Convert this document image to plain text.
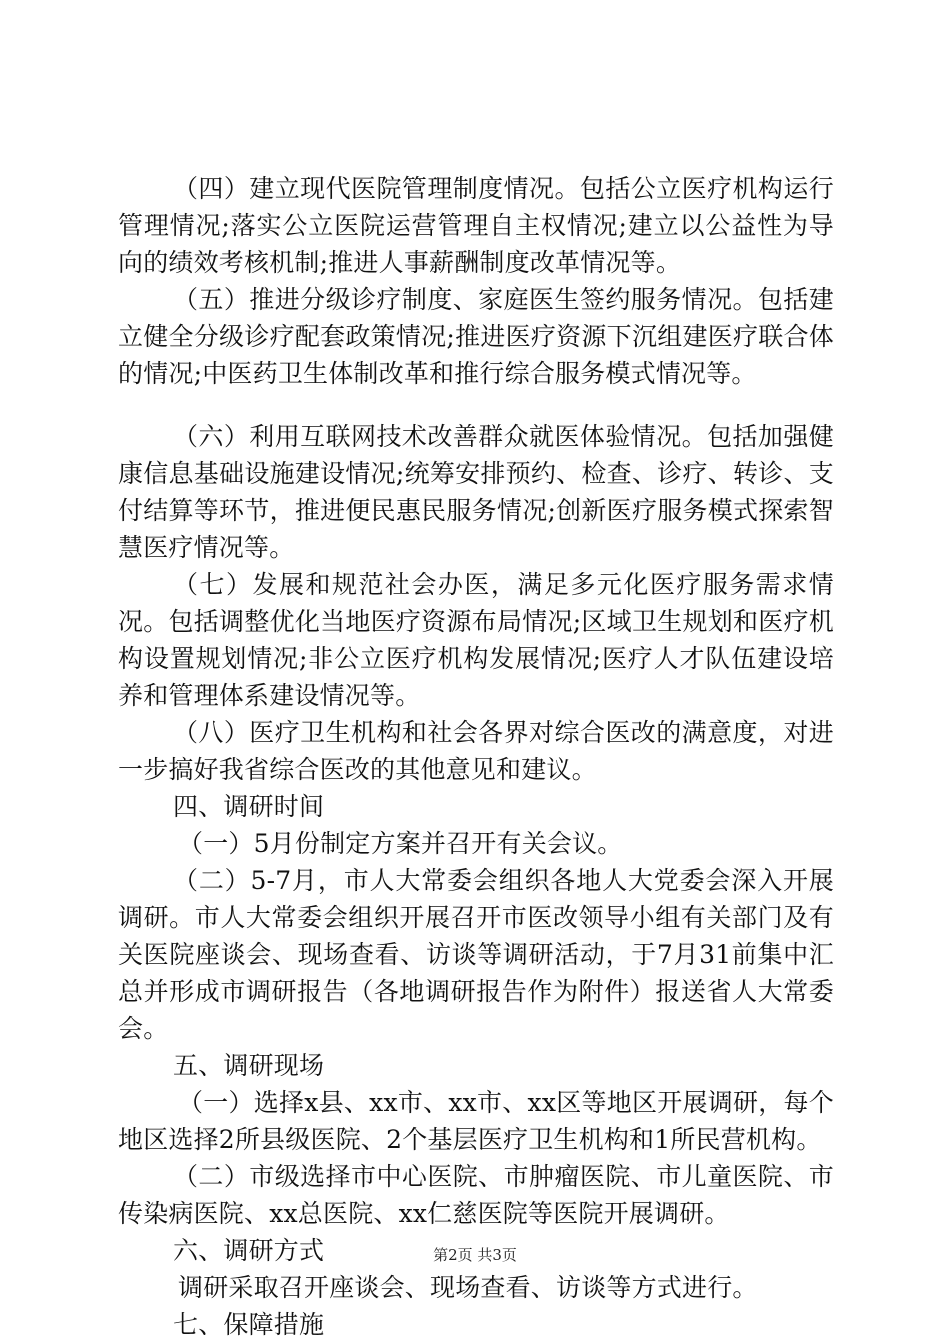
（四）建立现代医院管理制度情况。包括公立医疗机构运行管理情况;落实公立医院运营管理自主权情况;建立以公益性为导向的绩效考核机制;推进人事薪酬制度改革情况等。

（五）推进分级诊疗制度、家庭医生签约服务情况。包括建立健全分级诊疗配套政策情况;推进医疗资源下沉组建医疗联合体的情况;中医药卫生体制改革和推行综合服务模式情况等。

（六）利用互联网技术改善群众就医体验情况。包括加强健康信息基础设施建设情况;统筹安排预约、检查、诊疗、转诊、支付结算等环节，推进便民惠民服务情况;创新医疗服务模式探索智慧医疗情况等。

（七）发展和规范社会办医，满足多元化医疗服务需求情况。包括调整优化当地医疗资源布局情况;区域卫生规划和医疗机构设置规划情况;非公立医疗机构发展情况;医疗人才队伍建设培养和管理体系建设情况等。

（八）医疗卫生机构和社会各界对综合医改的满意度，对进一步搞好我省综合医改的其他意见和建议。

四、调研时间

（一）5月份制定方案并召开有关会议。

（二）5-7月，市人大常委会组织各地人大党委会深入开展调研。市人大常委会组织开展召开市医改领导小组有关部门及有关医院座谈会、现场查看、访谈等调研活动，于7月31前集中汇总并形成市调研报告（各地调研报告作为附件）报送省人大常委会。

五、调研现场

（一）选择x县、xx市、xx市、xx区等地区开展调研，每个地区选择2所县级医院、2个基层医疗卫生机构和1所民营机构。

（二）市级选择市中心医院、市肿瘤医院、市儿童医院、市传染病医院、xx总医院、xx仁慈医院等医院开展调研。

六、调研方式

调研采取召开座谈会、现场查看、访谈等方式进行。

七、保障措施

第2页 共3页
